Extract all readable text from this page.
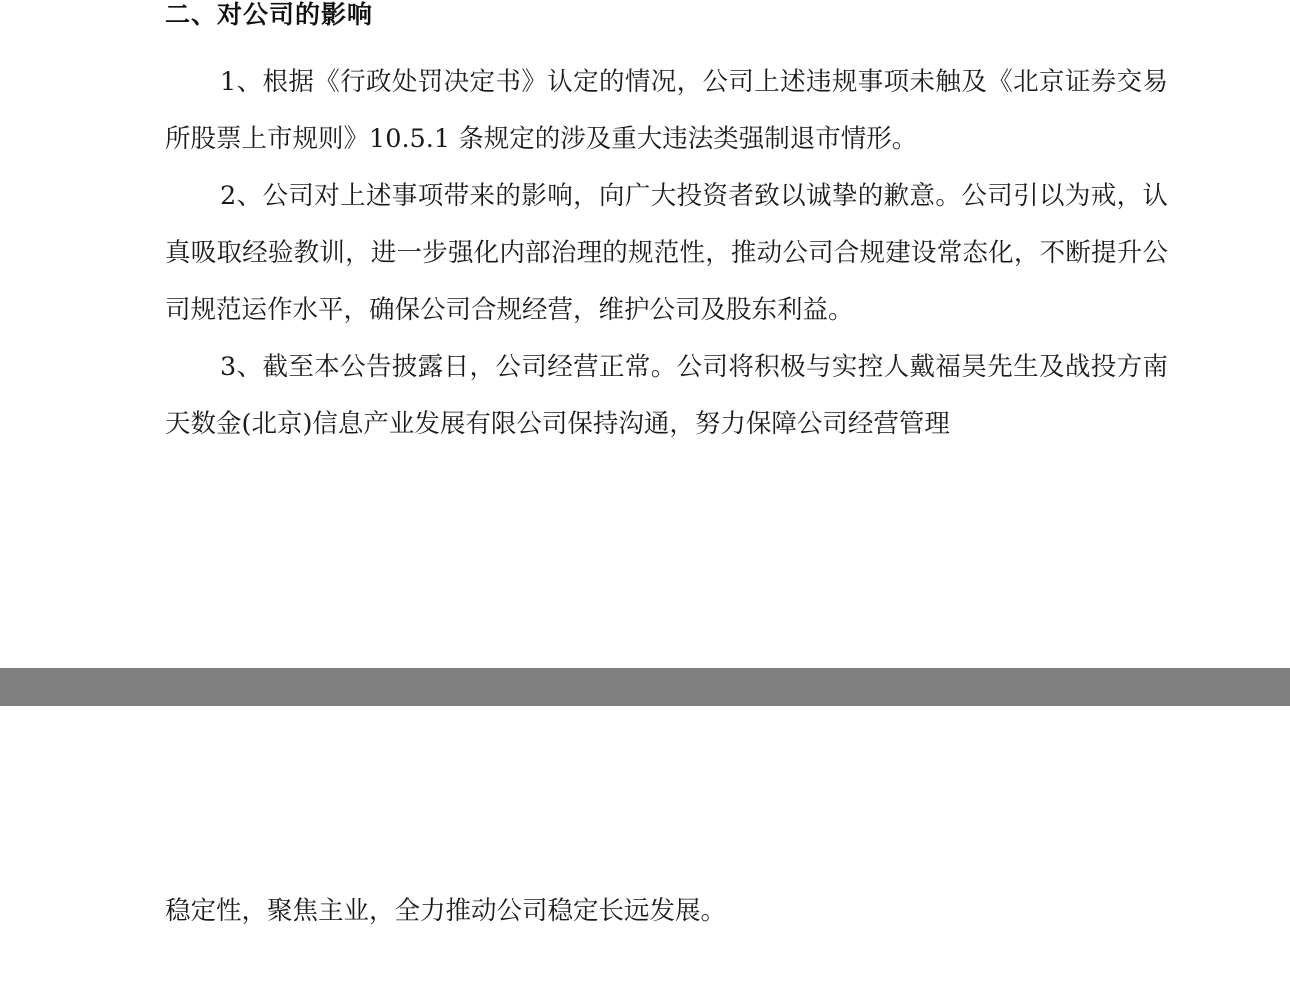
二、对公司的影响

1、根据《行政处罚决定书》认定的情况，公司上述违规事项未触及《北京证券交易所股票上市规则》10.5.1 条规定的涉及重大违法类强制退市情形。

2、公司对上述事项带来的影响，向广大投资者致以诚挚的歉意。公司引以为戒，认真吸取经验教训，进一步强化内部治理的规范性，推动公司合规建设常态化，不断提升公司规范运作水平，确保公司合规经营，维护公司及股东利益。

3、截至本公告披露日，公司经营正常。公司将积极与实控人戴福昊先生及战投方南天数金(北京)信息产业发展有限公司保持沟通，努力保障公司经营管理

稳定性，聚焦主业，全力推动公司稳定长远发展。
